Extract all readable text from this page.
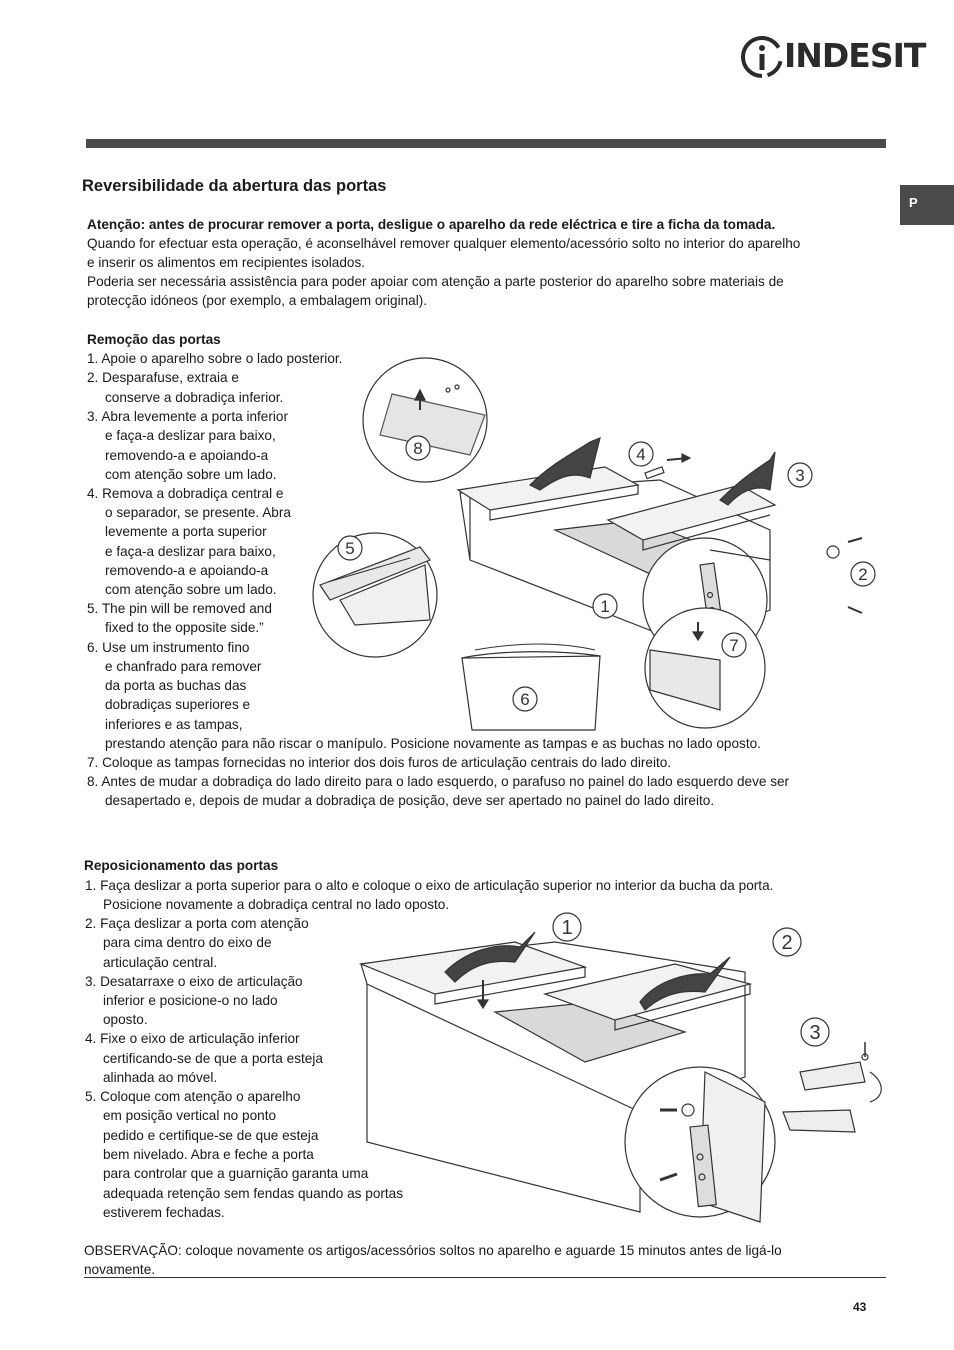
INDESIT
P
Reversibilidade da abertura das portas
Atenção: antes de procurar remover a porta, desligue o aparelho da rede eléctrica e tire a ficha da tomada.
Quando for efectuar esta operação, é aconselhável remover qualquer elemento/acessório solto no interior do aparelho
e inserir os alimentos em recipientes isolados.
Poderia ser necessária assistência para poder apoiar com atenção a parte posterior do aparelho sobre materiais de
protecção idóneos (por exemplo, a embalagem original).
Remoção das portas
1. Apoie o aparelho sobre o lado posterior.
2. Desparafuse, extraia e
conserve a dobradiça inferior.
3. Abra levemente a porta inferior
e faça-a deslizar para baixo,
removendo-a e apoiando-a
com atenção sobre um lado.
4. Remova a dobradiça central e
o separador, se presente. Abra
levemente a porta superior
e faça-a deslizar para baixo,
removendo-a e apoiando-a
com atenção sobre um lado.
5. The pin will be removed and
fixed to the opposite side.”
6. Use um instrumento fino
e chanfrado para remover
da porta as buchas das
dobradiças superiores e
inferiores e as tampas,
prestando atenção para não riscar o manípulo. Posicione novamente as tampas e as buchas no lado oposto.
7. Coloque as tampas fornecidas no interior dos dois furos de articulação centrais do lado direito.
8. Antes de mudar a dobradiça do lado direito para o lado esquerdo, o parafuso no painel do lado esquerdo deve ser
desapertado e, depois de mudar a dobradiça de posição, deve ser apertado no painel do lado direito.
8	4
3
5
2
1
7
6
Reposicionamento das portas
1. Faça deslizar a porta superior para o alto e coloque o eixo de articulação superior no interior da bucha da porta.
Posicione novamente a dobradiça central no lado oposto.
2. Faça deslizar a porta com atenção
para cima dentro do eixo de
articulação central.
3. Desatarraxe o eixo de articulação
inferior e posicione-o no lado
oposto.
4. Fixe o eixo de articulação inferior
certificando-se de que a porta esteja
alinhada ao móvel.
5. Coloque com atenção o aparelho
em posição vertical no ponto
pedido e certifique-se de que esteja
bem nivelado. Abra e feche a porta
para controlar que a guarnição garanta uma
adequada retenção sem fendas quando as portas
estiverem fechadas.
1
2
3
OBSERVAÇÃO: coloque novamente os artigos/acessórios soltos no aparelho e aguarde 15 minutos antes de ligá-lo
novamente.
43
